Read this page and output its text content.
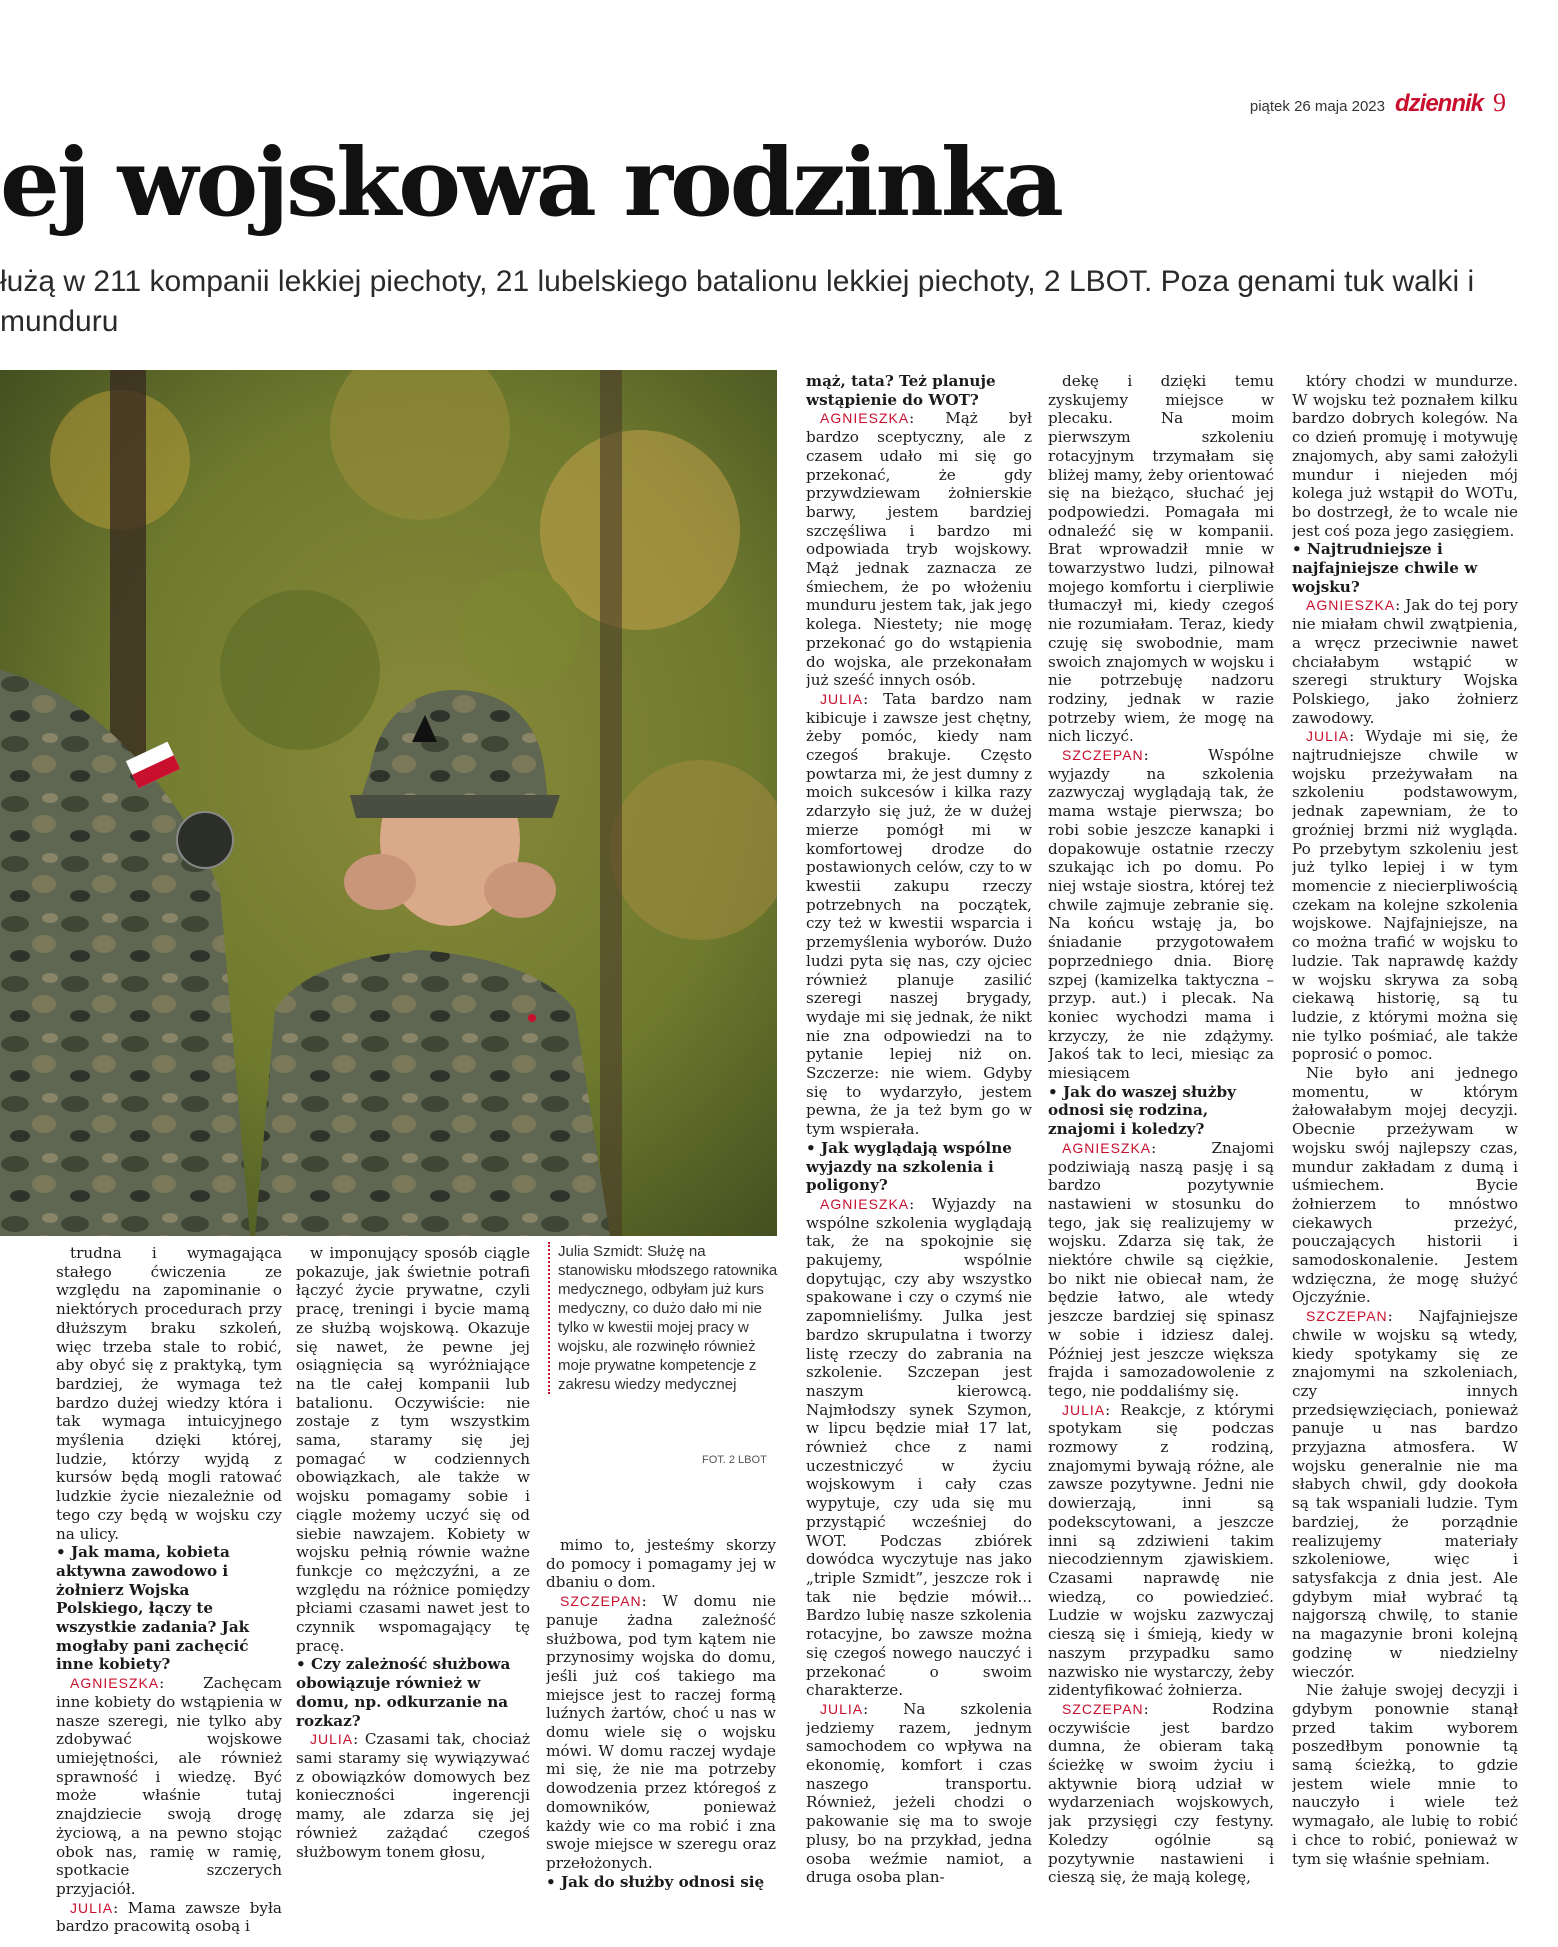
piątek 26 maja 2023 dziennik 9
ej wojskowa rodzinka

łużą w 211 kompanii lekkiej piechoty, 21 lubelskiego batalionu lekkiej piechoty, 2 LBOT. Poza genami tuk walki i munduru

Julia Szmidt: Służę na stanowisku młodszego ratownika medycznego, odbyłam już kurs medyczny, co dużo dało mi nie tylko w kwestii mojej pracy w wojsku, ale rozwinęło również moje prywatne kompetencje z zakresu wiedzy medycznej
FOT. 2 LBOT

trudna i wymagająca stałego ćwiczenia ze względu na zapominanie o niektórych procedurach przy dłuższym braku szkoleń, więc trzeba stale to robić, aby obyć się z praktyką, tym bardziej, że wymaga też bardzo dużej wiedzy która i tak wymaga intuicyjnego myślenia dzięki której, ludzie, którzy wyjdą z kursów będą mogli ratować ludzkie życie niezależnie od tego czy będą w wojsku czy na ulicy.

• Jak mama, kobieta aktywna zawodowo i żołnierz Wojska Polskiego, łączy te wszystkie zadania? Jak mogłaby pani zachęcić inne kobiety?

AGNIESZKA: Zachęcam inne kobiety do wstąpienia w nasze szeregi, nie tylko aby zdobywać wojskowe umiejętności, ale również sprawność i wiedzę. Być może właśnie tutaj znajdziecie swoją drogę życiową, a na pewno stojąc obok nas, ramię w ramię, spotkacie szczerych przyjaciół.

JULIA: Mama zawsze była bardzo pracowitą osobą i

w imponujący sposób ciągle pokazuje, jak świetnie potrafi łączyć życie prywatne, czyli pracę, treningi i bycie mamą ze służbą wojskową. Okazuje się nawet, że pewne jej osiągnięcia są wyróżniające na tle całej kompanii lub batalionu. Oczywiście: nie zostaje z tym wszystkim sama, staramy się jej pomagać w codziennych obowiązkach, ale także w wojsku pomagamy sobie i ciągle możemy uczyć się od siebie nawzajem. Kobiety w wojsku pełnią równie ważne funkcje co mężczyźni, a ze względu na różnice pomiędzy płciami czasami nawet jest to czynnik wspomagający tę pracę.

• Czy zależność służbowa obowiązuje również w domu, np. odkurzanie na rozkaz?

JULIA: Czasami tak, chociaż sami staramy się wywiązywać z obowiązków domowych bez konieczności ingerencji mamy, ale zdarza się jej również zażądać czegoś służbowym tonem głosu,

mimo to, jesteśmy skorzy do pomocy i pomagamy jej w dbaniu o dom.

SZCZEPAN: W domu nie panuje żadna zależność służbowa, pod tym kątem nie przynosimy wojska do domu, jeśli już coś takiego ma miejsce jest to raczej formą luźnych żartów, choć u nas w domu wiele się o wojsku mówi. W domu raczej wydaje mi się, że nie ma potrzeby dowodzenia przez któregoś z domowników, ponieważ każdy wie co ma robić i zna swoje miejsce w szeregu oraz przełożonych.

• Jak do służby odnosi się

mąż, tata? Też planuje wstąpienie do WOT?

AGNIESZKA: Mąż był bardzo sceptyczny, ale z czasem udało mi się go przekonać, że gdy przywdziewam żołnierskie barwy, jestem bardziej szczęśliwa i bardzo mi odpowiada tryb wojskowy. Mąż jednak zaznacza ze śmiechem, że po włożeniu munduru jestem tak, jak jego kolega. Niestety; nie mogę przekonać go do wstąpienia do wojska, ale przekonałam już sześć innych osób.

JULIA: Tata bardzo nam kibicuje i zawsze jest chętny, żeby pomóc, kiedy nam czegoś brakuje. Często powtarza mi, że jest dumny z moich sukcesów i kilka razy zdarzyło się już, że w dużej mierze pomógł mi w komfortowej drodze do postawionych celów, czy to w kwestii zakupu rzeczy potrzebnych na początek, czy też w kwestii wsparcia i przemyślenia wyborów. Dużo ludzi pyta się nas, czy ojciec również planuje zasilić szeregi naszej brygady, wydaje mi się jednak, że nikt nie zna odpowiedzi na to pytanie lepiej niż on. Szczerze: nie wiem. Gdyby się to wydarzyło, jestem pewna, że ja też bym go w tym wspierała.

• Jak wyglądają wspólne wyjazdy na szkolenia i poligony?

AGNIESZKA: Wyjazdy na wspólne szkolenia wyglądają tak, że na spokojnie się pakujemy, wspólnie dopytując, czy aby wszystko spakowane i czy o czymś nie zapomnieliśmy. Julka jest bardzo skrupulatna i tworzy listę rzeczy do zabrania na szkolenie. Szczepan jest naszym kierowcą. Najmłodszy synek Szymon, w lipcu będzie miał 17 lat, również chce z nami uczestniczyć w życiu wojskowym i cały czas wypytuje, czy uda się mu przystąpić wcześniej do WOT. Podczas zbiórek dowódca wyczytuje nas jako „triple Szmidt”, jeszcze rok i tak nie będzie mówił... Bardzo lubię nasze szkolenia rotacyjne, bo zawsze można się czegoś nowego nauczyć i przekonać o swoim charakterze.

JULIA: Na szkolenia jedziemy razem, jednym samochodem co wpływa na ekonomię, komfort i czas naszego transportu. Również, jeżeli chodzi o pakowanie się ma to swoje plusy, bo na przykład, jedna osoba weźmie namiot, a druga osoba plan-

dekę i dzięki temu zyskujemy miejsce w plecaku. Na moim pierwszym szkoleniu rotacyjnym trzymałam się bliżej mamy, żeby orientować się na bieżąco, słuchać jej podpowiedzi. Pomagała mi odnaleźć się w kompanii. Brat wprowadził mnie w towarzystwo ludzi, pilnował mojego komfortu i cierpliwie tłumaczył mi, kiedy czegoś nie rozumiałam. Teraz, kiedy czuję się swobodnie, mam swoich znajomych w wojsku i nie potrzebuję nadzoru rodziny, jednak w razie potrzeby wiem, że mogę na nich liczyć.

SZCZEPAN: Wspólne wyjazdy na szkolenia zazwyczaj wyglądają tak, że mama wstaje pierwsza; bo robi sobie jeszcze kanapki i dopakowuje ostatnie rzeczy szukając ich po domu. Po niej wstaje siostra, której też chwile zajmuje zebranie się. Na końcu wstaję ja, bo śniadanie przygotowałem poprzedniego dnia. Biorę szpej (kamizelka taktyczna – przyp. aut.) i plecak. Na koniec wychodzi mama i krzyczy, że nie zdążymy. Jakoś tak to leci, miesiąc za miesiącem

• Jak do waszej służby odnosi się rodzina, znajomi i koledzy?

AGNIESZKA: Znajomi podziwiają naszą pasję i są bardzo pozytywnie nastawieni w stosunku do tego, jak się realizujemy w wojsku. Zdarza się tak, że niektóre chwile są ciężkie, bo nikt nie obiecał nam, że będzie łatwo, ale wtedy jeszcze bardziej się spinasz w sobie i idziesz dalej. Później jest jeszcze większa frajda i samozadowolenie z tego, nie poddaliśmy się.

JULIA: Reakcje, z którymi spotykam się podczas rozmowy z rodziną, znajomymi bywają różne, ale zawsze pozytywne. Jedni nie dowierzają, inni są podekscytowani, a jeszcze inni są zdziwieni takim niecodziennym zjawiskiem. Czasami naprawdę nie wiedzą, co powiedzieć. Ludzie w wojsku zazwyczaj cieszą się i śmieją, kiedy w naszym przypadku samo nazwisko nie wystarczy, żeby zidentyfikować żołnierza.

SZCZEPAN: Rodzina oczywiście jest bardzo dumna, że obieram taką ścieżkę w swoim życiu i aktywnie biorą udział w wydarzeniach wojskowych, jak przysięgi czy festyny. Koledzy ogólnie są pozytywnie nastawieni i cieszą się, że mają kolegę,

który chodzi w mundurze. W wojsku też poznałem kilku bardzo dobrych kolegów. Na co dzień promuję i motywuję znajomych, aby sami założyli mundur i niejeden mój kolega już wstąpił do WOTu, bo dostrzegł, że to wcale nie jest coś poza jego zasięgiem.

• Najtrudniejsze i najfajniejsze chwile w wojsku?

AGNIESZKA: Jak do tej pory nie miałam chwil zwątpienia, a wręcz przeciwnie nawet chciałabym wstąpić w szeregi struktury Wojska Polskiego, jako żołnierz zawodowy.

JULIA: Wydaje mi się, że najtrudniejsze chwile w wojsku przeżywałam na szkoleniu podstawowym, jednak zapewniam, że to groźniej brzmi niż wygląda. Po przebytym szkoleniu jest już tylko lepiej i w tym momencie z niecierpliwością czekam na kolejne szkolenia wojskowe. Najfajniejsze, na co można trafić w wojsku to ludzie. Tak naprawdę każdy w wojsku skrywa za sobą ciekawą historię, są tu ludzie, z którymi można się nie tylko pośmiać, ale także poprosić o pomoc.

Nie było ani jednego momentu, w którym żałowałabym mojej decyzji. Obecnie przeżywam w wojsku swój najlepszy czas, mundur zakładam z dumą i uśmiechem. Bycie żołnierzem to mnóstwo ciekawych przeżyć, pouczających historii i samodoskonalenie. Jestem wdzięczna, że mogę służyć Ojczyźnie.

SZCZEPAN: Najfajniejsze chwile w wojsku są wtedy, kiedy spotykamy się ze znajomymi na szkoleniach, czy innych przedsięwzięciach, ponieważ panuje u nas bardzo przyjazna atmosfera. W wojsku generalnie nie ma słabych chwil, gdy dookoła są tak wspaniali ludzie. Tym bardziej, że porządnie realizujemy materiały szkoleniowe, więc i satysfakcja z dnia jest. Ale gdybym miał wybrać tą najgorszą chwilę, to stanie na magazynie broni kolejną godzinę w niedzielny wieczór.

Nie żałuje swojej decyzji i gdybym ponownie stanął przed takim wyborem poszedłbym ponownie tą samą ścieżką, to gdzie jestem wiele mnie to nauczyło i wiele też wymagało, ale lubię to robić i chce to robić, ponieważ w tym się właśnie spełniam.
